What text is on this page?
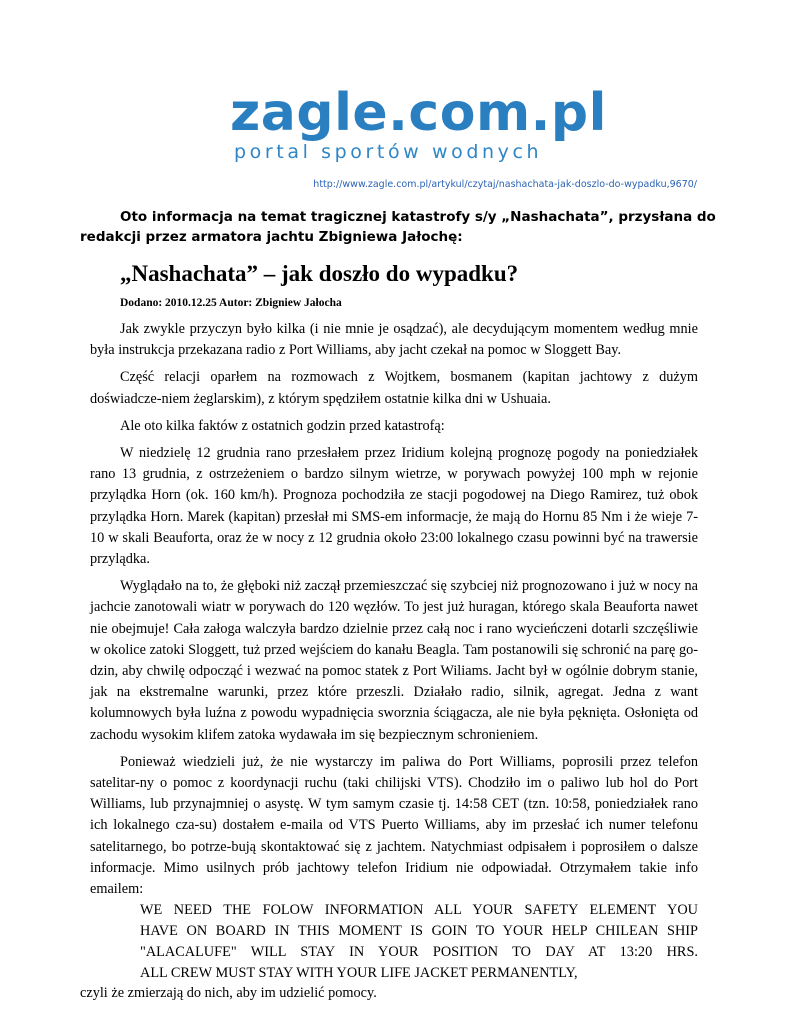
zagle.com.pl
portal sportów wodnych
http://www.zagle.com.pl/artykul/czytaj/nashachata-jak-doszlo-do-wypadku,9670/
Oto informacja na temat tragicznej katastrofy s/y „Nashachata”, przysłana do redakcji przez armatora jachtu Zbigniewa Jałochę:
„Nashachata” – jak doszło do wypadku?
Dodano: 2010.12.25 Autor: Zbigniew Jałocha

Jak zwykle przyczyn było kilka (i nie mnie je osądzać), ale decydującym momentem według mnie była instrukcja przekazana radio z Port Williams, aby jacht czekał na pomoc w Sloggett Bay.

Część relacji oparłem na rozmowach z Wojtkem, bosmanem (kapitan jachtowy z dużym doświadcze-niem żeglarskim), z którym spędziłem ostatnie kilka dni w Ushuaia.

Ale oto kilka faktów z ostatnich godzin przed katastrofą:

W niedzielę 12 grudnia rano przesłałem przez Iridium kolejną prognozę pogody na poniedziałek rano 13 grudnia, z ostrzeżeniem o bardzo silnym wietrze, w porywach powyżej 100 mph w rejonie przylądka Horn (ok. 160 km/h). Prognoza pochodziła ze stacji pogodowej na Diego Ramirez, tuż obok przylądka Horn. Marek (kapitan) przesłał mi SMS-em informacje, że mają do Hornu 85 Nm i że wieje 7-10 w skali Beauforta, oraz że w nocy z 12 grudnia około 23:00 lokalnego czasu powinni być na trawersie przylądka.

Wyglądało na to, że głęboki niż zaczął przemieszczać się szybciej niż prognozowano i już w nocy na jachcie zanotowali wiatr w porywach do 120 węzłów. To jest już huragan, którego skala Beauforta nawet nie obejmuje! Cała załoga walczyła bardzo dzielnie przez całą noc i rano wycieńczeni dotarli szczęśliwie w okolice zatoki Sloggett, tuż przed wejściem do kanału Beagla. Tam postanowili się schronić na parę go-dzin, aby chwilę odpocząć i wezwać na pomoc statek z Port Wiliams. Jacht był w ogólnie dobrym stanie, jak na ekstremalne warunki, przez które przeszli. Działało radio, silnik, agregat. Jedna z want kolumnowych była luźna z powodu wypadnięcia sworznia ściągacza, ale nie była pęknięta. Osłonięta od zachodu wysokim klifem zatoka wydawała im się bezpiecznym schronieniem.

Ponieważ wiedzieli już, że nie wystarczy im paliwa do Port Williams, poprosili przez telefon satelitar-ny o pomoc z koordynacji ruchu (taki chilijski VTS). Chodziło im o paliwo lub hol do Port Williams, lub przynajmniej o asystę. W tym samym czasie tj. 14:58 CET (tzn. 10:58, poniedziałek rano ich lokalnego cza-su) dostałem e-maila od VTS Puerto Williams, aby im przesłać ich numer telefonu satelitarnego, bo potrze-bują skontaktować się z jachtem. Natychmiast odpisałem i poprosiłem o dalsze informacje. Mimo usilnych prób jachtowy telefon Iridium nie odpowiadał. Otrzymałem takie info emailem:

WE NEED THE FOLOW INFORMATION ALL YOUR SAFETY ELEMENT YOU
HAVE ON BOARD IN THIS MOMENT IS GOIN TO YOUR HELP CHILEAN SHIP
"ALACALUFE" WILL STAY IN YOUR POSITION TO DAY AT 13:20 HRS.
ALL CREW MUST STAY WITH YOUR LIFE JACKET PERMANENTLY,

czyli że zmierzają do nich, aby im udzielić pomocy.
